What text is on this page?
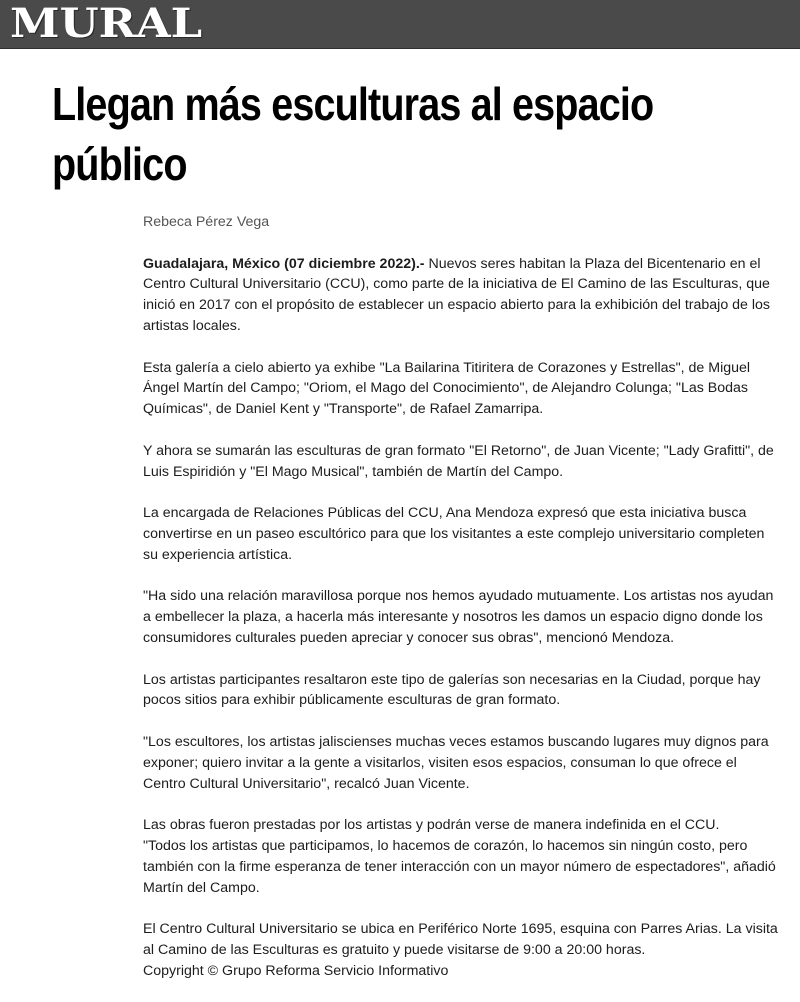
MURAL
Llegan más esculturas al espacio
público

Rebeca Pérez Vega

Guadalajara, México (07 diciembre 2022).- Nuevos seres habitan la Plaza del Bicentenario en el Centro Cultural Universitario (CCU), como parte de la iniciativa de El Camino de las Esculturas, que inició en 2017 con el propósito de establecer un espacio abierto para la exhibición del trabajo de los artistas locales.

Esta galería a cielo abierto ya exhibe "La Bailarina Titiritera de Corazones y Estrellas", de Miguel Ángel Martín del Campo; "Oriom, el Mago del Conocimiento", de Alejandro Colunga; "Las Bodas Químicas", de Daniel Kent y "Transporte", de Rafael Zamarripa.

Y ahora se sumarán las esculturas de gran formato "El Retorno", de Juan Vicente; "Lady Grafitti", de Luis Espiridión y "El Mago Musical", también de Martín del Campo.

La encargada de Relaciones Públicas del CCU, Ana Mendoza expresó que esta iniciativa busca convertirse en un paseo escultórico para que los visitantes a este complejo universitario completen su experiencia artística.

"Ha sido una relación maravillosa porque nos hemos ayudado mutuamente. Los artistas nos ayudan a embellecer la plaza, a hacerla más interesante y nosotros les damos un espacio digno donde los consumidores culturales pueden apreciar y conocer sus obras", mencionó Mendoza.

Los artistas participantes resaltaron este tipo de galerías son necesarias en la Ciudad, porque hay pocos sitios para exhibir públicamente esculturas de gran formato.

"Los escultores, los artistas jaliscienses muchas veces estamos buscando lugares muy dignos para exponer; quiero invitar a la gente a visitarlos, visiten esos espacios, consuman lo que ofrece el Centro Cultural Universitario", recalcó Juan Vicente.

Las obras fueron prestadas por los artistas y podrán verse de manera indefinida en el CCU.

"Todos los artistas que participamos, lo hacemos de corazón, lo hacemos sin ningún costo, pero también con la firme esperanza de tener interacción con un mayor número de espectadores", añadió Martín del Campo.

El Centro Cultural Universitario se ubica en Periférico Norte 1695, esquina con Parres Arias. La visita al Camino de las Esculturas es gratuito y puede visitarse de 9:00 a 20:00 horas.

Copyright © Grupo Reforma Servicio Informativo
